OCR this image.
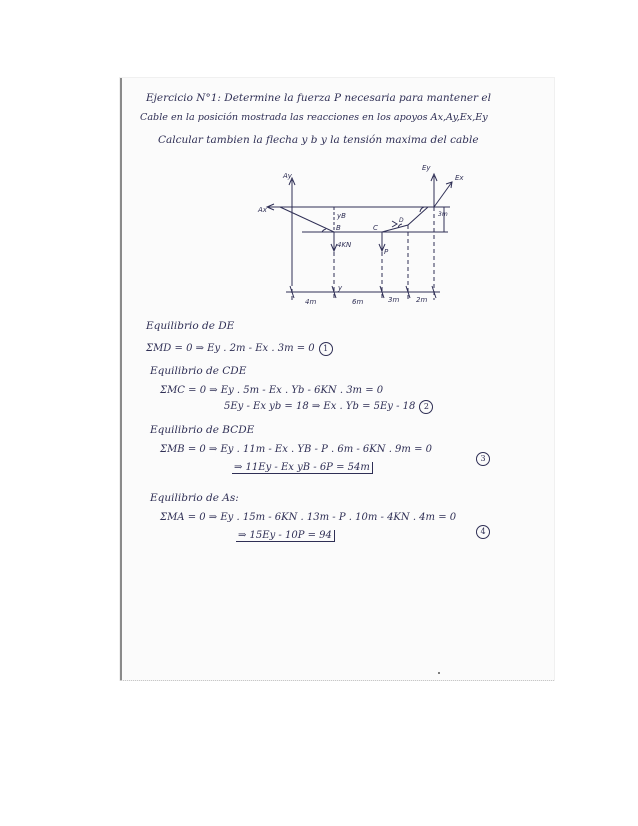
Ejercicio N°1: Determine la fuerza P necesaria para mantener el
Cable en la posición mostrada las reacciones en los apoyos Ax,Ay,Ex,Ey
Calcular tambien la flecha y b y la tensión maxima del cable
Ay
Ax
Ey
Ex
yB
B	C
D
P
4KN
3m
y
4m	6m	3m 2m
Equilibrio de DE
ΣMD = 0 ⇒ Ey . 2m - Ex . 3m = 0 1
Equilibrio de CDE
ΣMC = 0 ⇒ Ey . 5m - Ex . Yb - 6KN . 3m = 0
5Ey - Ex yb = 18 ⇒ Ex . Yb = 5Ey - 18 2
Equilibrio de BCDE
ΣMB = 0 ⇒ Ey . 11m - Ex . YB - P . 6m - 6KN . 9m = 0
⇒ 11Ey - Ex yB - 6P = 54m
3
Equilibrio de As:
ΣMA = 0 ⇒ Ey . 15m - 6KN . 13m - P . 10m - 4KN . 4m = 0
⇒ 15Ey - 10P = 94	4
